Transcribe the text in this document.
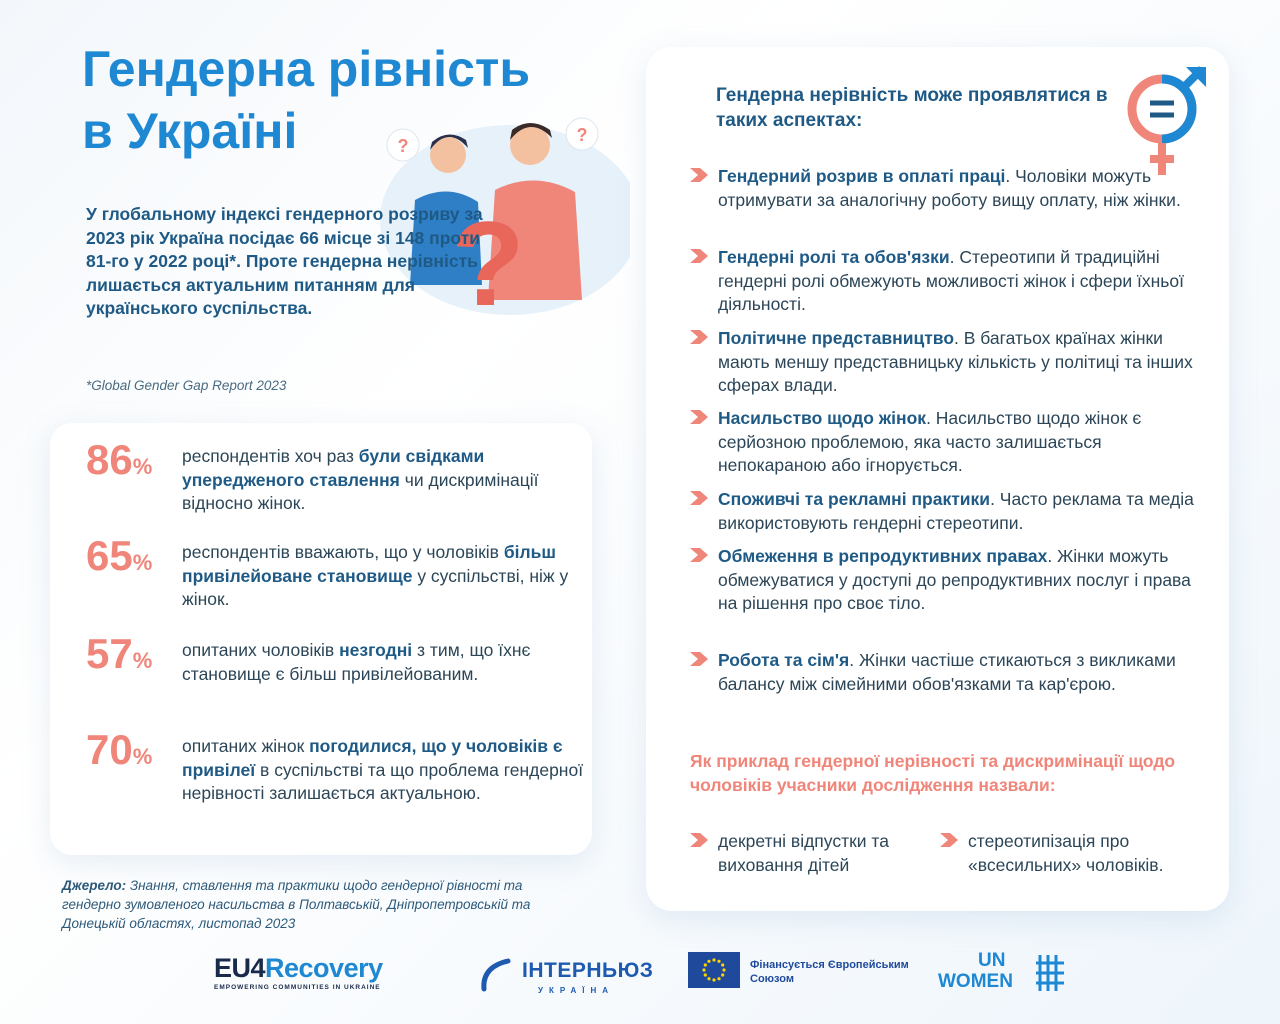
Гендерна рівність
в Україні	?
?
?
У глобальному індексі гендерного розриву за 2023 рік Україна посідає 66 місце зі 148 проти 81-го у 2022 році*. Проте гендерна нерівність лишається актуальним питанням для українського суспільства.
*Global Gender Gap Report 2023
86%	респондентів хоч раз були свідками упередженого ставлення чи дискримінації відносно жінок.
65%	респондентів вважають, що у чоловіків більш привілейоване становище у суспільстві, ніж у жінок.
57%	опитаних чоловіків незгодні з тим, що їхнє становище є більш привілейованим.
70%	опитаних жінок погодилися, що у чоловіків є привілеї в суспільстві та що проблема гендерної нерівності залишається актуальною.
Джерело: Знання, ставлення та практики щодо гендерної рівності та гендерно зумовленого насильства в Полтавській, Дніпропетровській та Донецькій областях, листопад 2023
Гендерна нерівність може проявлятися в таких аспектах:
Гендерний розрив в оплаті праці. Чоловіки можуть отримувати за аналогічну роботу вищу оплату, ніж жінки.
Гендерні ролі та обов'язки. Стереотипи й традиційні гендерні ролі обмежують можливості жінок і сфери їхньої діяльності.
Політичне представництво. В багатьох країнах жінки мають меншу представницьку кількість у політиці та інших сферах влади.
Насильство щодо жінок. Насильство щодо жінок є серйозною проблемою, яка часто залишається непокараною або ігнорується.
Споживчі та рекламні практики. Часто реклама та медіа використовують гендерні стереотипи.
Обмеження в репродуктивних правах. Жінки можуть обмежуватися у доступі до репродуктивних послуг і права на рішення про своє тіло.
Робота та сім'я. Жінки частіше стикаються з викликами балансу між сімейними обов'язками та кар'єрою.
Як приклад гендерної нерівності та дискримінації щодо чоловіків учасники дослідження назвали:
декретні відпустки та виховання дітей
стереотипізація про «всесильних» чоловіків.
EU4Recovery
EMPOWERING COMMUNITIES IN UKRAINE
ІНТЕРНЬЮЗ
УКРАЇНА
Фінансується Європейським Союзом
UN
WOMEN
